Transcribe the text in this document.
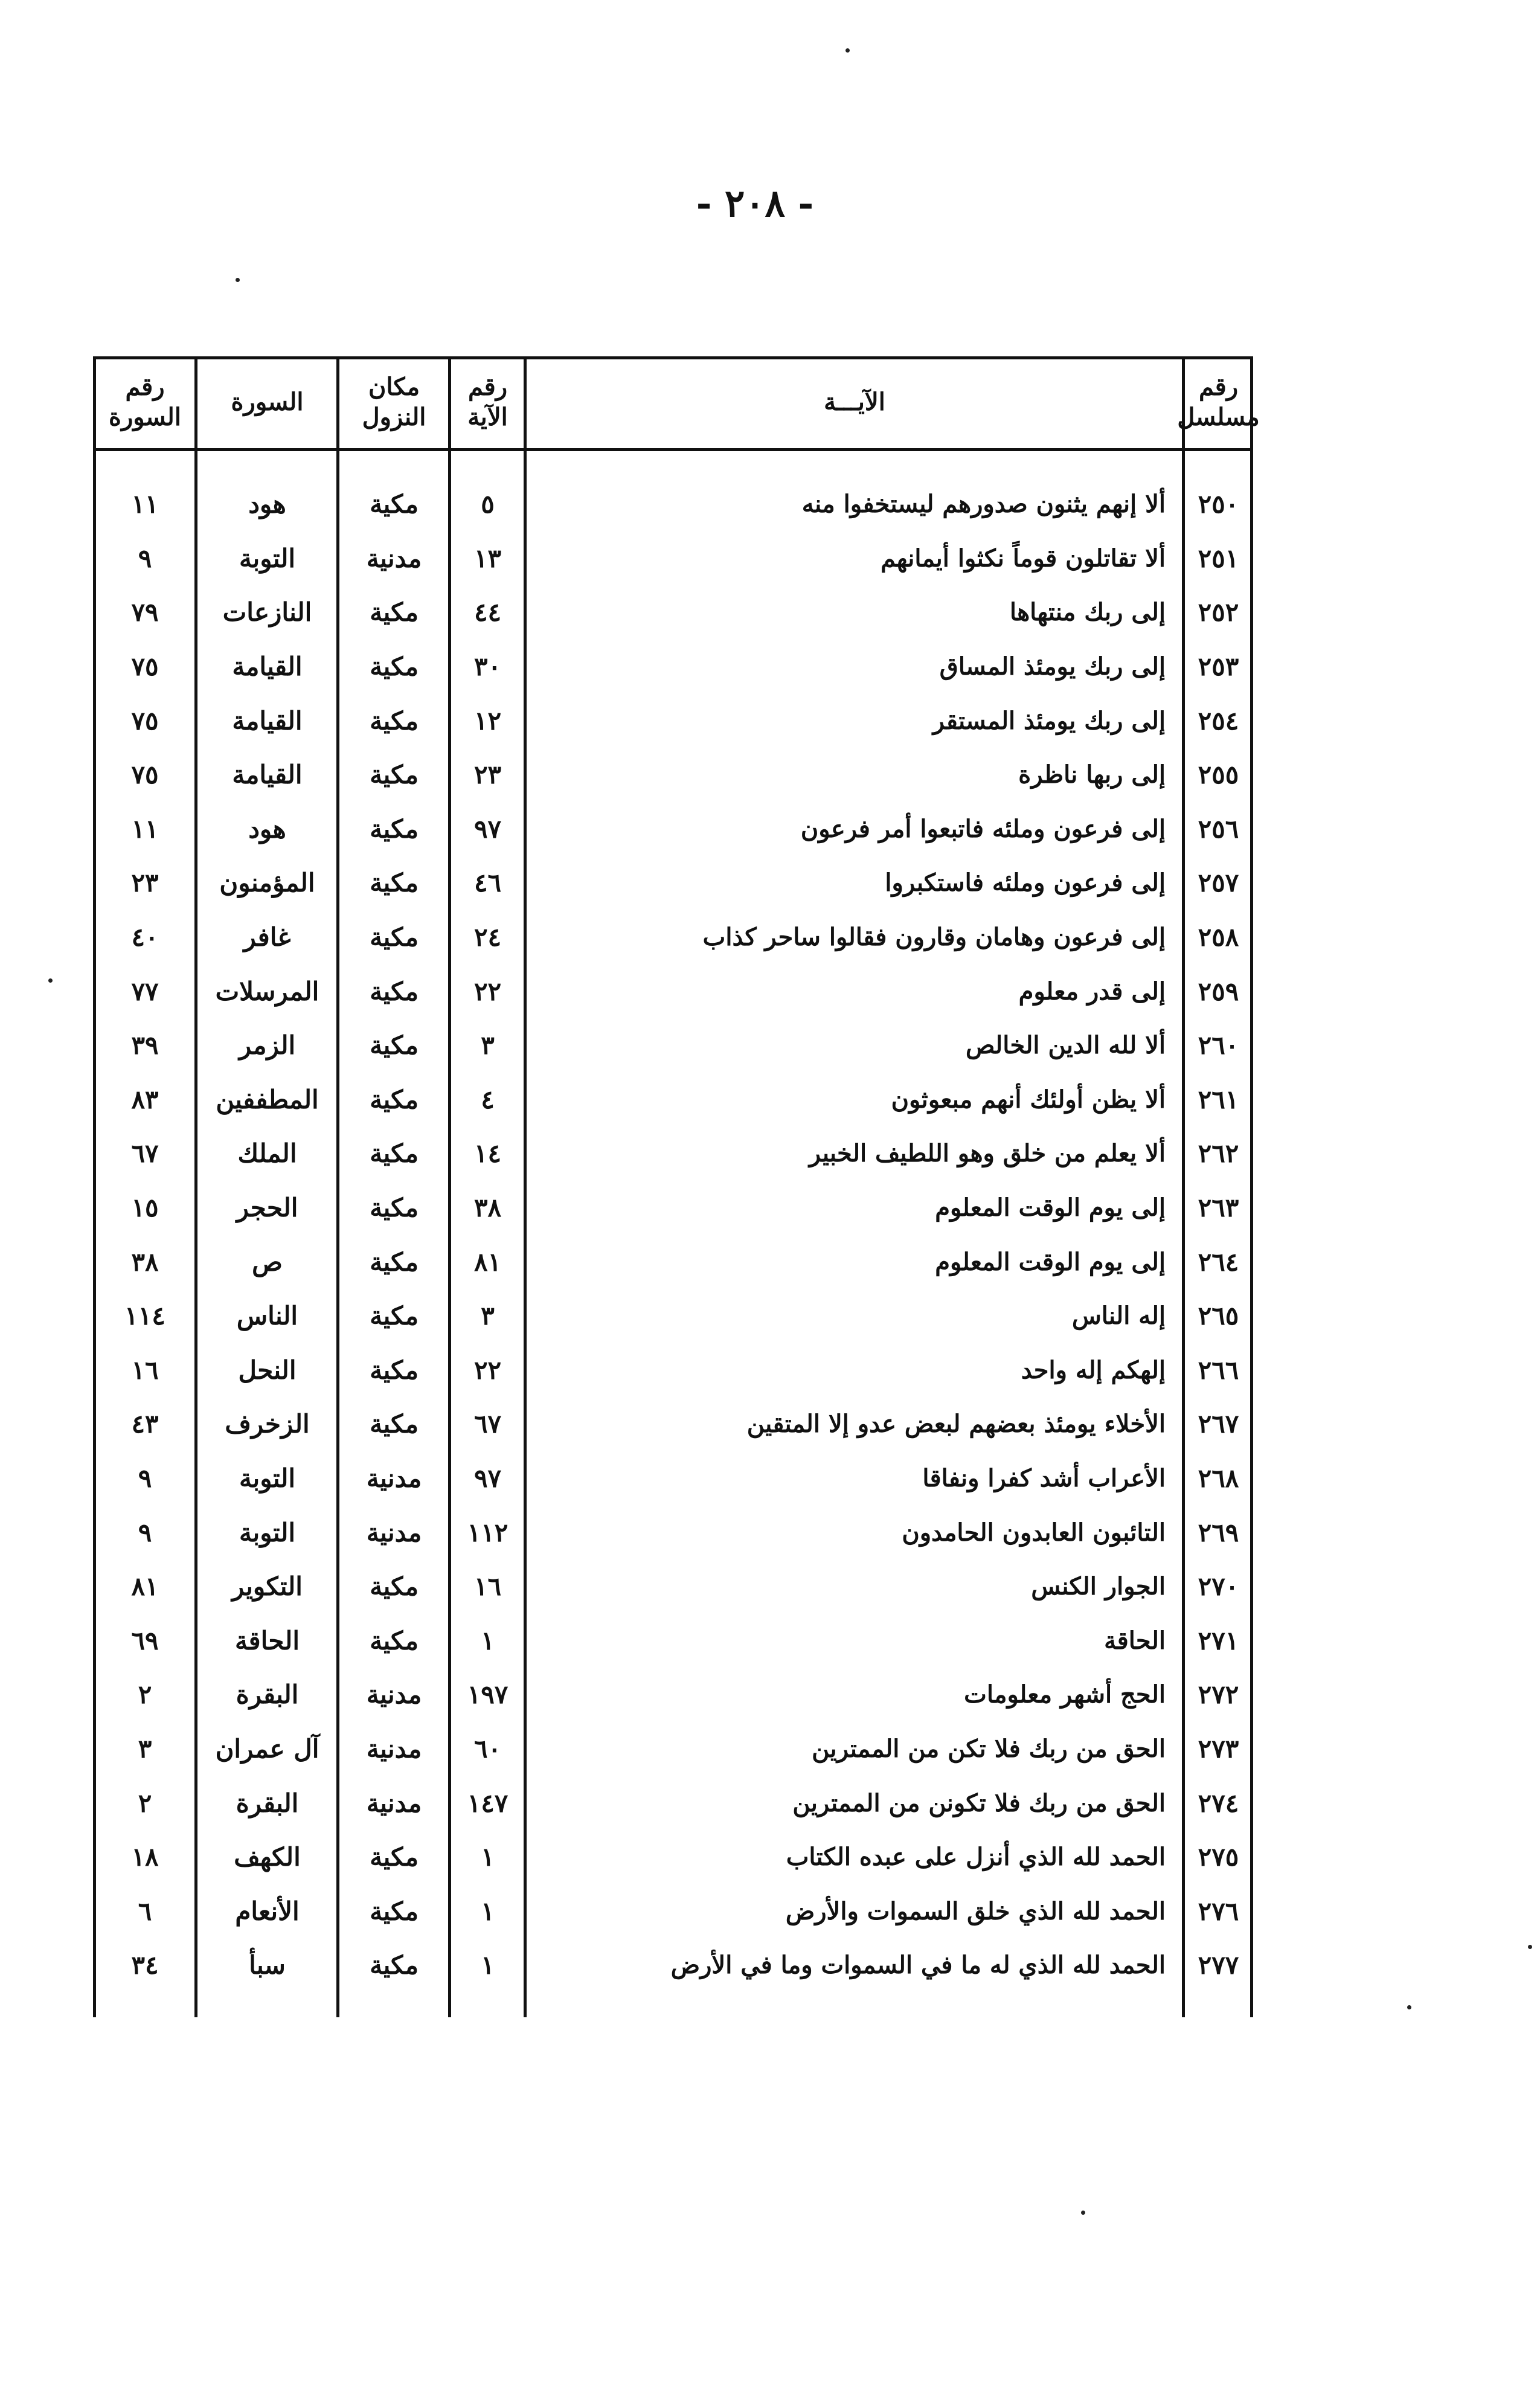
- ٢٠٨ -
رقم مسلسل
الآيـــة
رقم الآية
مكان النزول
السورة
رقم السورة
٢٥٠
ألا إنهم يثنون صدورهم ليستخفوا منه
٥
مكية
هود
١١
٢٥١
ألا تقاتلون قوماً نكثوا أيمانهم
١٣
مدنية
التوبة
٩
٢٥٢
إلى ربك منتهاها
٤٤
مكية
النازعات
٧٩
٢٥٣
إلى ربك يومئذ المساق
٣٠
مكية
القيامة
٧٥
٢٥٤
إلى ربك يومئذ المستقر
١٢
مكية
القيامة
٧٥
٢٥٥
إلى ربها ناظرة
٢٣
مكية
القيامة
٧٥
٢٥٦
إلى فرعون وملئه فاتبعوا أمر فرعون
٩٧
مكية
هود
١١
٢٥٧
إلى فرعون وملئه فاستكبروا
٤٦
مكية
المؤمنون
٢٣
٢٥٨
إلى فرعون وهامان وقارون فقالوا ساحر كذاب
٢٤
مكية
غافر
٤٠
٢٥٩
إلى قدر معلوم
٢٢
مكية
المرسلات
٧٧
٢٦٠
ألا لله الدين الخالص
٣
مكية
الزمر
٣٩
٢٦١
ألا يظن أولئك أنهم مبعوثون
٤
مكية
المطففين
٨٣
٢٦٢
ألا يعلم من خلق وهو اللطيف الخبير
١٤
مكية
الملك
٦٧
٢٦٣
إلى يوم الوقت المعلوم
٣٨
مكية
الحجر
١٥
٢٦٤
إلى يوم الوقت المعلوم
٨١
مكية
ص
٣٨
٢٦٥
إله الناس
٣
مكية
الناس
١١٤
٢٦٦
إلهكم إله واحد
٢٢
مكية
النحل
١٦
٢٦٧
الأخلاء يومئذ بعضهم لبعض عدو إلا المتقين
٦٧
مكية
الزخرف
٤٣
٢٦٨
الأعراب أشد كفرا ونفاقا
٩٧
مدنية
التوبة
٩
٢٦٩
التائبون العابدون الحامدون
١١٢
مدنية
التوبة
٩
٢٧٠
الجوار الكنس
١٦
مكية
التكوير
٨١
٢٧١
الحاقة
١
مكية
الحاقة
٦٩
٢٧٢
الحج أشهر معلومات
١٩٧
مدنية
البقرة
٢
٢٧٣
الحق من ربك فلا تكن من الممترين
٦٠
مدنية
آل عمران
٣
٢٧٤
الحق من ربك فلا تكونن من الممترين
١٤٧
مدنية
البقرة
٢
٢٧٥
الحمد لله الذي أنزل على عبده الكتاب
١
مكية
الكهف
١٨
٢٧٦
الحمد لله الذي خلق السموات والأرض
١
مكية
الأنعام
٦
٢٧٧
الحمد لله الذي له ما في السموات وما في الأرض
١
مكية
سبأ
٣٤
